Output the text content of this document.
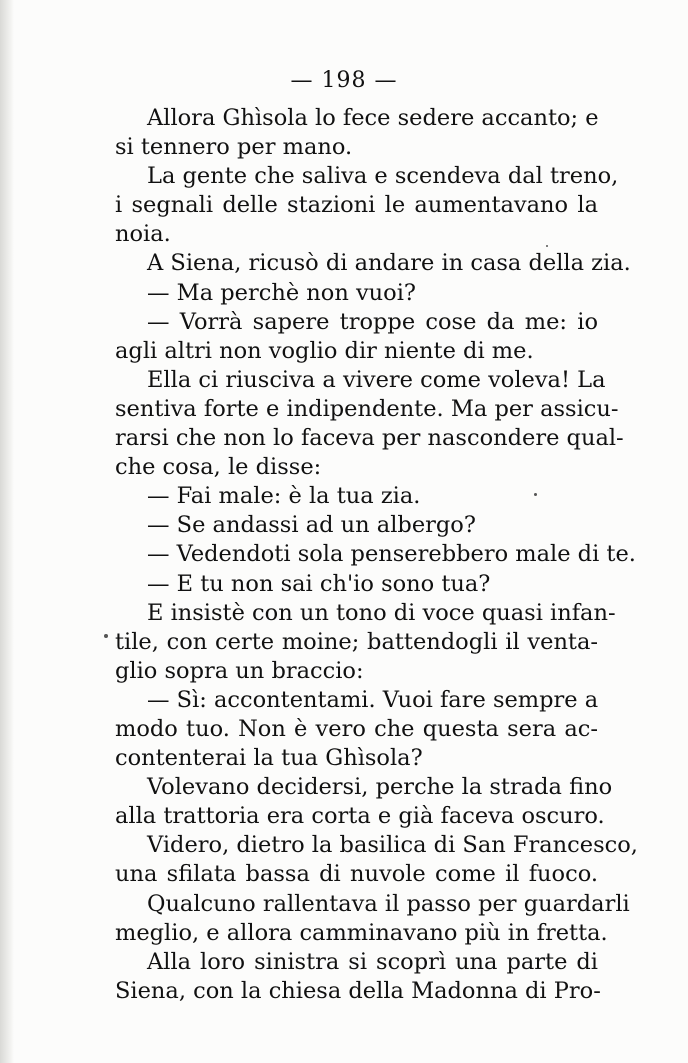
— 198 —
Allora Ghìsola lo fece sedere accanto; e
si tennero per mano.
La gente che saliva e scendeva dal treno,
i segnali delle stazioni le aumentavano la
noia.
A Siena, ricusò di andare in casa della zia.
— Ma perchè non vuoi?
— Vorrà sapere troppe cose da me: io
agli altri non voglio dir niente di me.
Ella ci riusciva a vivere come voleva! La
sentiva forte e indipendente. Ma per assicu-
rarsi che non lo faceva per nascondere qual-
che cosa, le disse:
— Fai male: è la tua zia.
— Se andassi ad un albergo?
— Vedendoti sola penserebbero male di te.
— E tu non sai ch'io sono tua?
E insistè con un tono di voce quasi infan-
tile, con certe moine; battendogli il venta-
glio sopra un braccio:
— Sì: accontentami. Vuoi fare sempre a
modo tuo. Non è vero che questa sera ac-
contenterai la tua Ghìsola?
Volevano decidersi, perche la strada fino
alla trattoria era corta e già faceva oscuro.
Videro, dietro la basilica di San Francesco,
una sfilata bassa di nuvole come il fuoco.
Qualcuno rallentava il passo per guardarli
meglio, e allora camminavano più in fretta.
Alla loro sinistra si scoprì una parte di
Siena, con la chiesa della Madonna di Pro-
